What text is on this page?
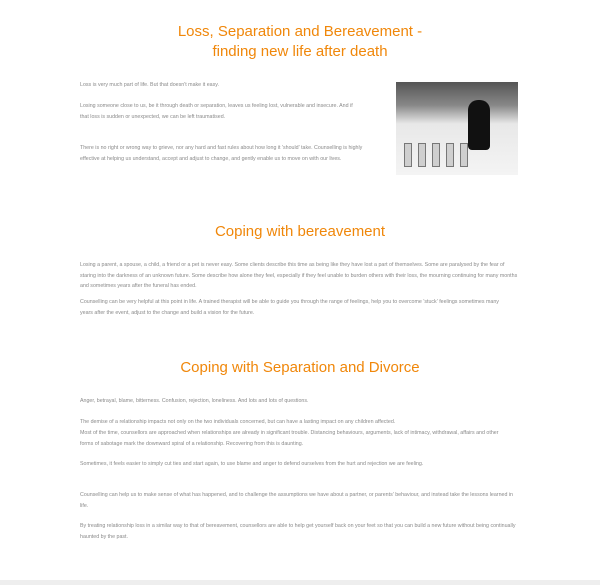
Loss, Separation and Bereavement -
finding new life after death

Loss is very much part of life. But that doesn't make it easy.

Losing someone close to us, be it through death or separation, leaves us feeling lost, vulnerable and insecure. And if that loss is sudden or unexpected, we can be left traumatised.

There is no right or wrong way to grieve, nor any hard and fast rules about how long it 'should' take. Counselling is highly effective at helping us understand, accept and adjust to change, and gently enable us to move on with our lives.

Coping with bereavement

Losing a parent, a spouse, a child, a friend or a pet is never easy. Some clients describe this time as being like they have lost a part of themselves. Some are paralysed by the fear of staring into the darkness of an unknown future. Some describe how alone they feel, especially if they feel unable to burden others with their loss, the mourning continuing for many months and sometimes years after the funeral has ended.

Counselling can be very helpful at this point in life. A trained therapist will be able to guide you through the range of feelings, help you to overcome 'stuck' feelings sometimes many years after the event, adjust to the change and build a vision for the future.

Coping with Separation and Divorce

Anger, betrayal, blame, bitterness. Confusion, rejection, loneliness. And lots and lots of questions.

The demise of a relationship impacts not only on the two individuals concerned, but can have a lasting impact on any children affected.

Most of the time, counsellors are approached when relationships are already in significant trouble. Distancing behaviours, arguments, lack of intimacy, withdrawal, affairs and other forms of sabotage mark the downward spiral of a relationship. Recovering from this is daunting.

Sometimes, it feels easier to simply cut ties and start again, to use blame and anger to defend ourselves from the hurt and rejection we are feeling.

Counselling can help us to make sense of what has happened, and to challenge the assumptions we have about a partner, or parents' behaviour, and instead take the lessons learned in life.

By treating relationship loss in a similar way to that of bereavement, counsellors are able to help get yourself back on your feet so that you can build a new future without being continually haunted by the past.
